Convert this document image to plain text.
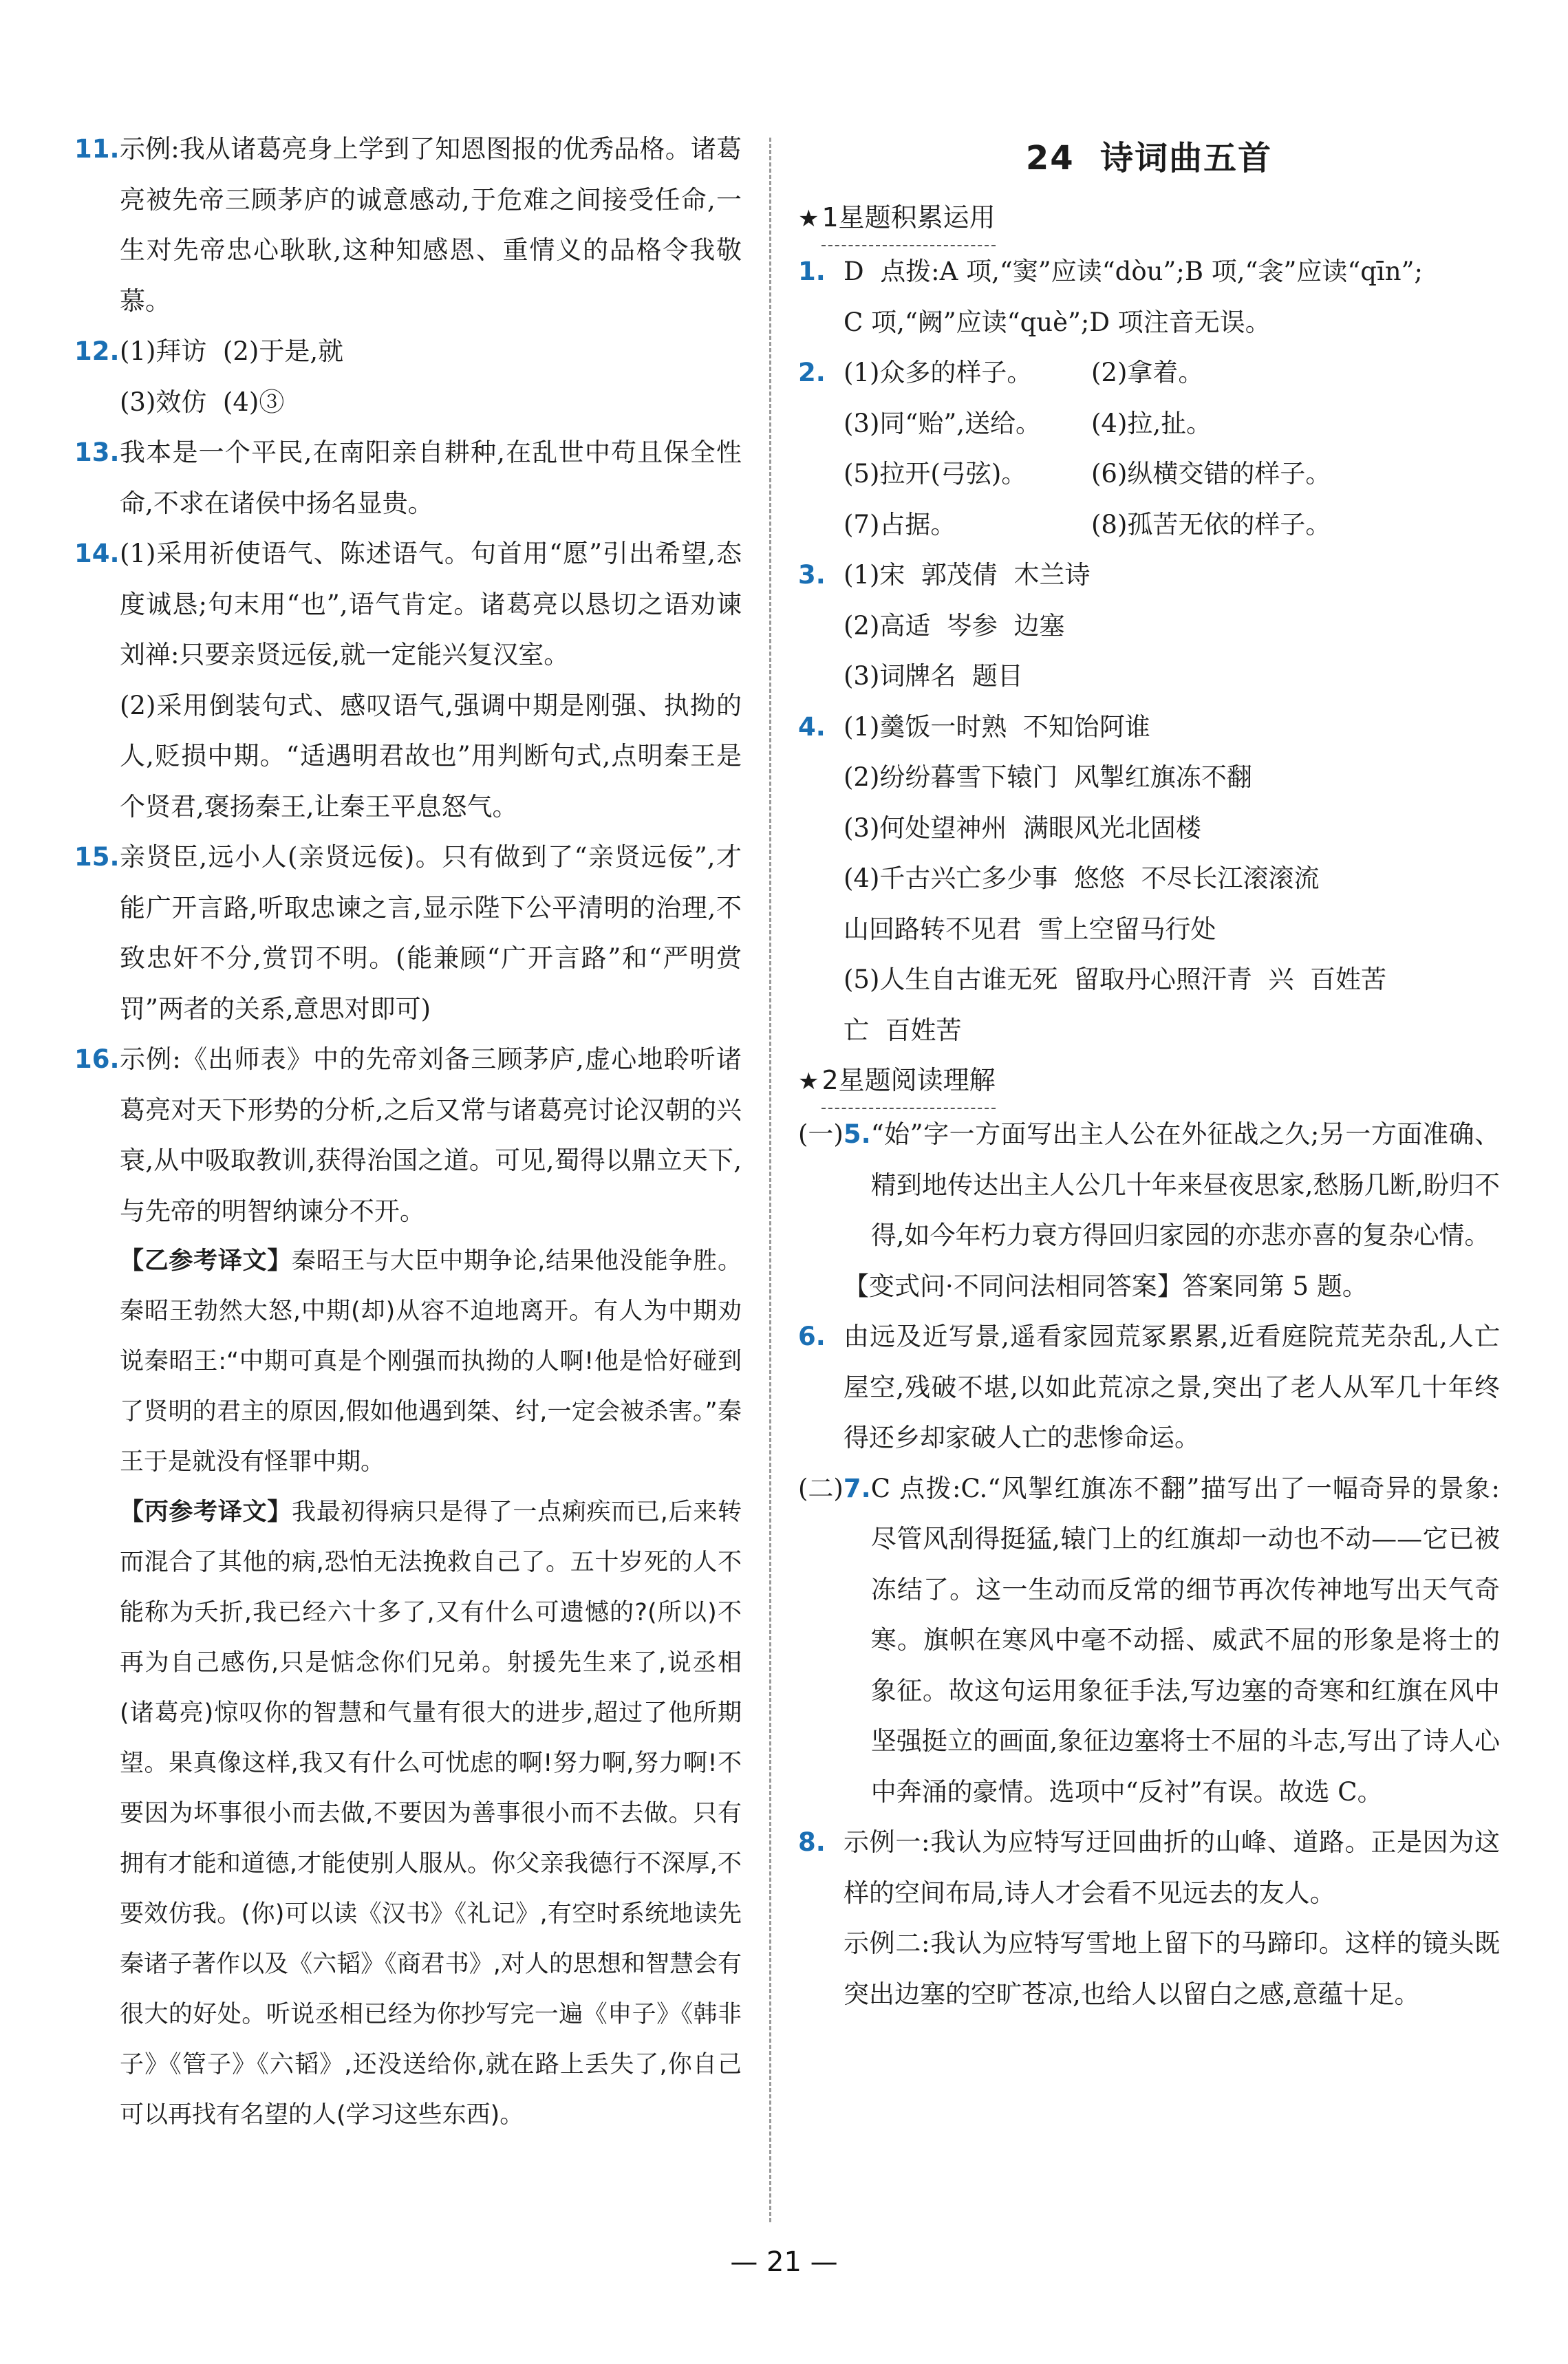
11. 示例:我从诸葛亮身上学到了知恩图报的优秀品格。诸葛亮被先帝三顾茅庐的诚意感动,于危难之间接受任命,一生对先帝忠心耿耿,这种知感恩、重情义的品格令我敬慕。
12. (1)拜访  (2)于是,就
(3)效仿  (4)③
13. 我本是一个平民,在南阳亲自耕种,在乱世中苟且保全性命,不求在诸侯中扬名显贵。
14. (1)采用祈使语气、陈述语气。句首用“愿”引出希望,态度诚恳;句末用“也”,语气肯定。诸葛亮以恳切之语劝谏刘禅:只要亲贤远佞,就一定能兴复汉室。
(2)采用倒装句式、感叹语气,强调中期是刚强、执拗的人,贬损中期。“适遇明君故也”用判断句式,点明秦王是个贤君,褒扬秦王,让秦王平息怒气。
15. 亲贤臣,远小人(亲贤远佞)。只有做到了“亲贤远佞”,才能广开言路,听取忠谏之言,显示陛下公平清明的治理,不致忠奸不分,赏罚不明。(能兼顾“广开言路”和“严明赏罚”两者的关系,意思对即可)
16. 示例:《出师表》中的先帝刘备三顾茅庐,虚心地聆听诸葛亮对天下形势的分析,之后又常与诸葛亮讨论汉朝的兴衰,从中吸取教训,获得治国之道。可见,蜀得以鼎立天下,与先帝的明智纳谏分不开。
【乙参考译文】秦昭王与大臣中期争论,结果他没能争胜。秦昭王勃然大怒,中期(却)从容不迫地离开。有人为中期劝说秦昭王:“中期可真是个刚强而执拗的人啊!他是恰好碰到了贤明的君主的原因,假如他遇到桀、纣,一定会被杀害。”秦王于是就没有怪罪中期。
【丙参考译文】我最初得病只是得了一点痢疾而已,后来转而混合了其他的病,恐怕无法挽救自己了。五十岁死的人不能称为夭折,我已经六十多了,又有什么可遗憾的?(所以)不再为自己感伤,只是惦念你们兄弟。射援先生来了,说丞相(诸葛亮)惊叹你的智慧和气量有很大的进步,超过了他所期望。果真像这样,我又有什么可忧虑的啊!努力啊,努力啊!不要因为坏事很小而去做,不要因为善事很小而不去做。只有拥有才能和道德,才能使别人服从。你父亲我德行不深厚,不要效仿我。(你)可以读《汉书》《礼记》,有空时系统地读先秦诸子著作以及《六韬》《商君书》,对人的思想和智慧会有很大的好处。听说丞相已经为你抄写完一遍《申子》《韩非子》《管子》《六韬》,还没送给你,就在路上丢失了,你自己可以再找有名望的人(学习这些东西)。
24  诗词曲五首
★ 1星题积累运用
1. D  点拨:A 项,“窦”应读“dòu”;B 项,“衾”应读“qīn”;
C 项,“阙”应读“què”;D 项注音无误。
2. (1)众多的样子。	(2)拿着。
(3)同“贻”,送给。	(4)拉,扯。
(5)拉开(弓弦)。	(6)纵横交错的样子。
(7)占据。	(8)孤苦无依的样子。
3. (1)宋  郭茂倩  木兰诗
(2)高适  岑参  边塞
(3)词牌名  题目
4. (1)羹饭一时熟  不知饴阿谁
(2)纷纷暮雪下辕门  风掣红旗冻不翻
(3)何处望神州  满眼风光北固楼
(4)千古兴亡多少事  悠悠  不尽长江滚滚流
山回路转不见君  雪上空留马行处
(5)人生自古谁无死  留取丹心照汗青  兴  百姓苦
亡  百姓苦
★ 2星题阅读理解
(一) 5. “始”字一方面写出主人公在外征战之久;另一方面准确、精到地传达出主人公几十年来昼夜思家,愁肠几断,盼归不得,如今年朽力衰方得回归家园的亦悲亦喜的复杂心情。
【变式问·不同问法相同答案】答案同第 5 题。
6. 由远及近写景,遥看家园荒冢累累,近看庭院荒芜杂乱,人亡屋空,残破不堪,以如此荒凉之景,突出了老人从军几十年终得还乡却家破人亡的悲惨命运。
(二) 7. C 点拨:C.“风掣红旗冻不翻”描写出了一幅奇异的景象:尽管风刮得挺猛,辕门上的红旗却一动也不动——它已被冻结了。这一生动而反常的细节再次传神地写出天气奇寒。旗帜在寒风中毫不动摇、威武不屈的形象是将士的象征。故这句运用象征手法,写边塞的奇寒和红旗在风中坚强挺立的画面,象征边塞将士不屈的斗志,写出了诗人心中奔涌的豪情。选项中“反衬”有误。故选 C。
8. 示例一:我认为应特写迂回曲折的山峰、道路。正是因为这样的空间布局,诗人才会看不见远去的友人。
示例二:我认为应特写雪地上留下的马蹄印。这样的镜头既突出边塞的空旷苍凉,也给人以留白之感,意蕴十足。
— 21 —
